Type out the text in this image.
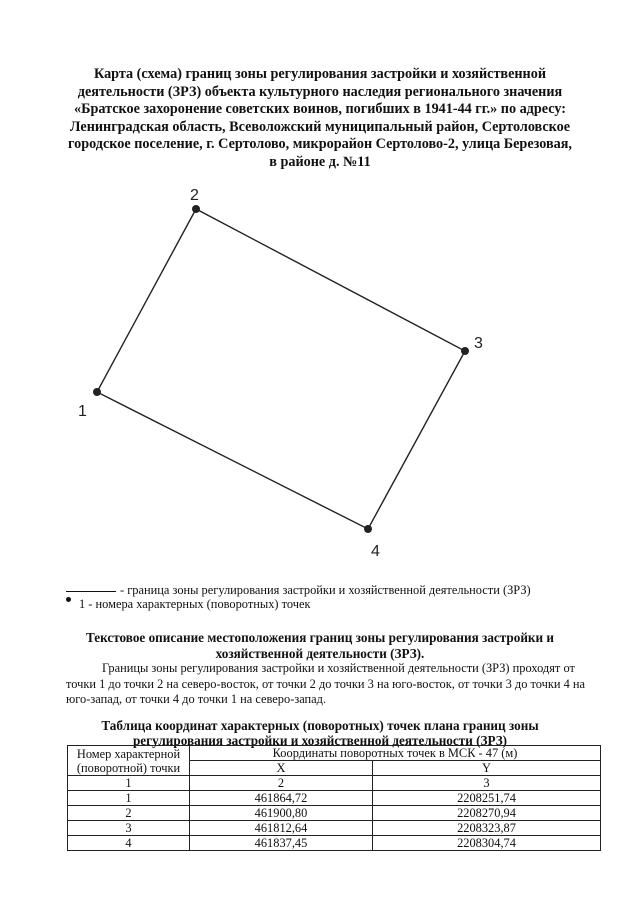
Карта (схема) границ зоны регулирования застройки и хозяйственной
деятельности (ЗРЗ) объекта культурного наследия регионального значения
«Братское захоронение советских воинов, погибших в 1941-44 гг.» по адресу:
Ленинградская область, Всеволожский муниципальный район, Сертоловское
городское поселение, г. Сертолово, микрорайон Сертолово-2, улица Березовая,
в районе д. №11
1
2
3
4
- граница зоны регулирования застройки и хозяйственной деятельности (ЗРЗ)
1 - номера характерных (поворотных) точек
Текстовое описание местоположения границ зоны регулирования застройки и
хозяйственной деятельности (ЗРЗ).
Границы зоны регулирования застройки и хозяйственной деятельности (ЗРЗ) проходят от
точки 1 до точки 2 на северо-восток, от точки 2 до точки 3 на юго-восток, от точки 3 до точки 4 на
юго-запад, от точки 4 до точки 1 на северо-запад.
Таблица координат характерных (поворотных) точек плана границ зоны
регулирования застройки и хозяйственной деятельности (ЗРЗ)
Номер характерной
(поворотной) точки	Координаты поворотных точек в МСК - 47 (м)	
	X	Y
1	2	3
1	461864,72	2208251,74
2	461900,80	2208270,94
3	461812,64	2208323,87
4	461837,45	2208304,74
